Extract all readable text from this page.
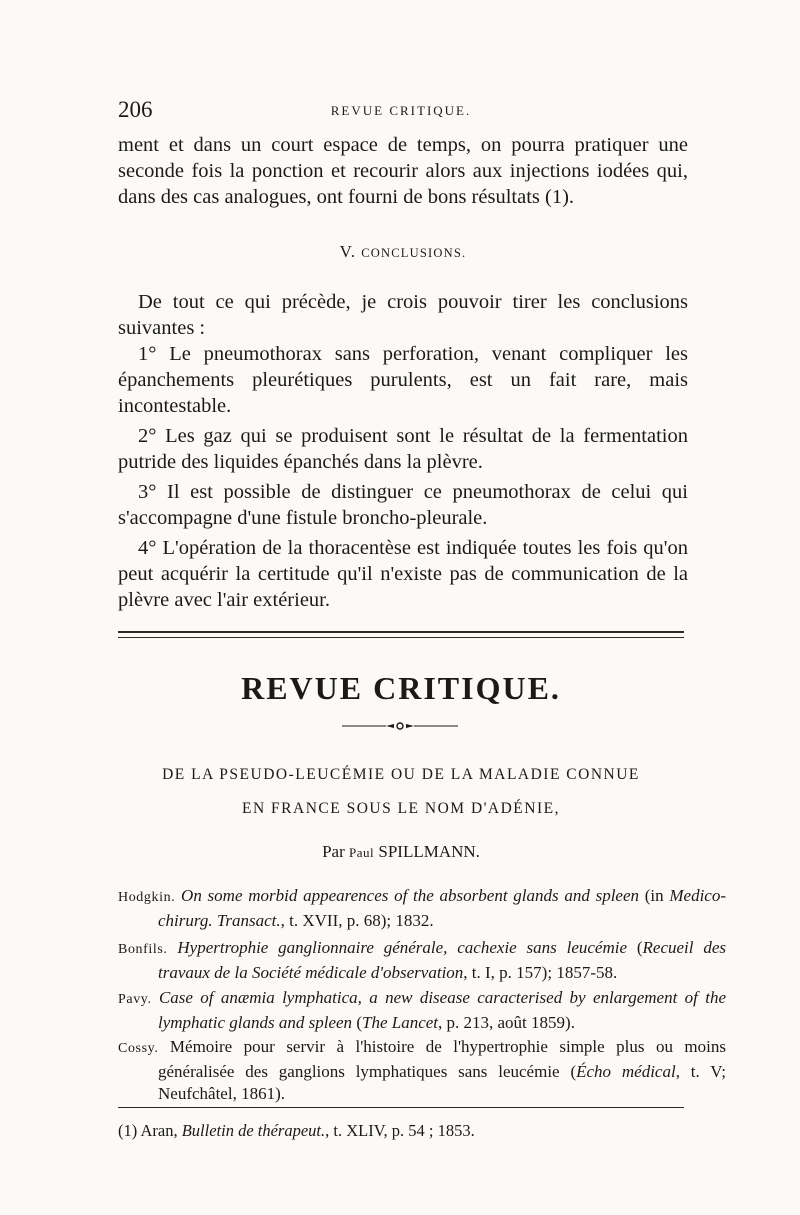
206	REVUE CRITIQUE.

ment et dans un court espace de temps, on pourra pratiquer une seconde fois la ponction et recourir alors aux injections iodées qui, dans des cas analogues, ont fourni de bons résultats (1).

V. CONCLUSIONS.

De tout ce qui précède, je crois pouvoir tirer les conclusions suivantes :

1° Le pneumothorax sans perforation, venant compliquer les épanchements pleurétiques purulents, est un fait rare, mais incontestable.

2° Les gaz qui se produisent sont le résultat de la fermentation putride des liquides épanchés dans la plèvre.

3° Il est possible de distinguer ce pneumothorax de celui qui s'accompagne d'une fistule broncho-pleurale.

4° L'opération de la thoracentèse est indiquée toutes les fois qu'on peut acquérir la certitude qu'il n'existe pas de communication de la plèvre avec l'air extérieur.

REVUE CRITIQUE.
DE LA PSEUDO-LEUCÉMIE OU DE LA MALADIE CONNUE
EN FRANCE SOUS LE NOM D'ADÉNIE,
Par Paul SPILLMANN.

Hodgkin. On some morbid appearences of the absorbent glands and spleen (in Medico-chirurg. Transact., t. XVII, p. 68); 1832.

Bonfils. Hypertrophie ganglionnaire générale, cachexie sans leucémie (Recueil des travaux de la Société médicale d'observation, t. I, p. 157); 1857-58.

Pavy. Case of anæmia lymphatica, a new disease caracterised by enlargement of the lymphatic glands and spleen (The Lancet, p. 213, août 1859).

Cossy. Mémoire pour servir à l'histoire de l'hypertrophie simple plus ou moins généralisée des ganglions lymphatiques sans leucémie (Écho médical, t. V; Neufchâtel, 1861).

(1) Aran, Bulletin de thérapeut., t. XLIV, p. 54 ; 1853.
